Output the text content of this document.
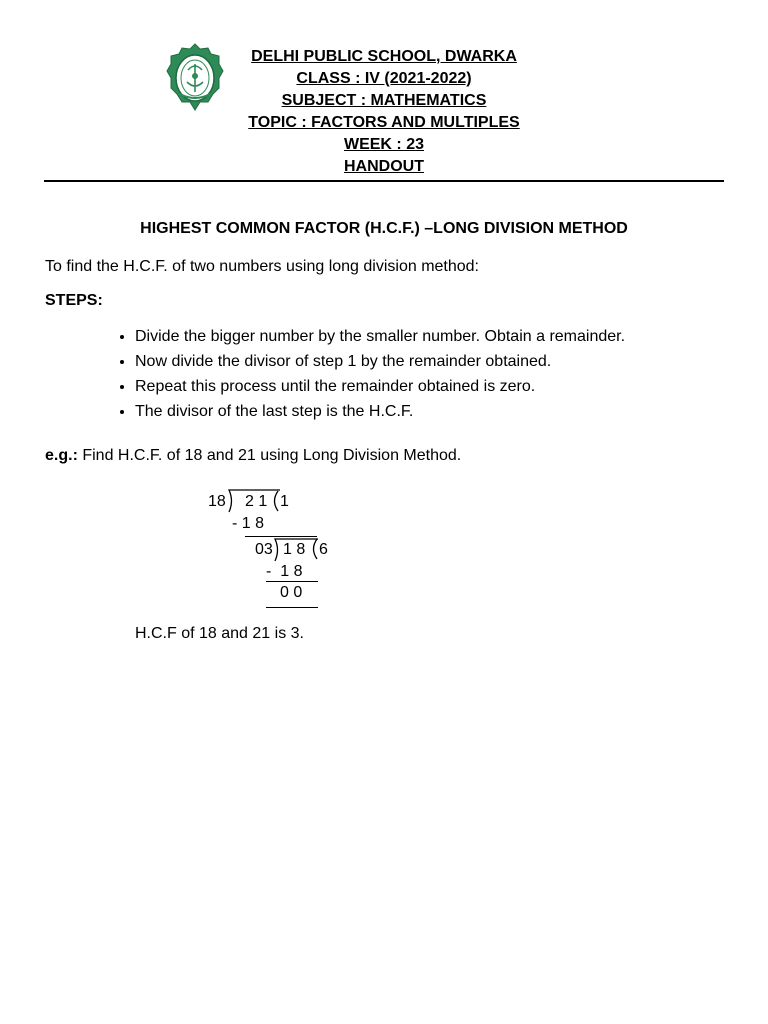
DELHI PUBLIC SCHOOL, DWARKA
CLASS : IV (2021-2022)
SUBJECT : MATHEMATICS
TOPIC : FACTORS AND MULTIPLES
WEEK : 23
HANDOUT
HIGHEST COMMON FACTOR (H.C.F.) –LONG DIVISION METHOD
To find the H.C.F. of two numbers using long division method:
STEPS:
• Divide the bigger number by the smaller number. Obtain a remainder.
• Now divide the divisor of step 1 by the remainder obtained.
• Repeat this process until the remainder obtained is zero.
• The divisor of the last step is the H.C.F.
e.g.: Find H.C.F. of 18 and 21 using Long Division Method.
18 2 1 1
- 1 8
03 1 8 6
-  1 8
0 0
H.C.F of 18 and 21 is 3.
